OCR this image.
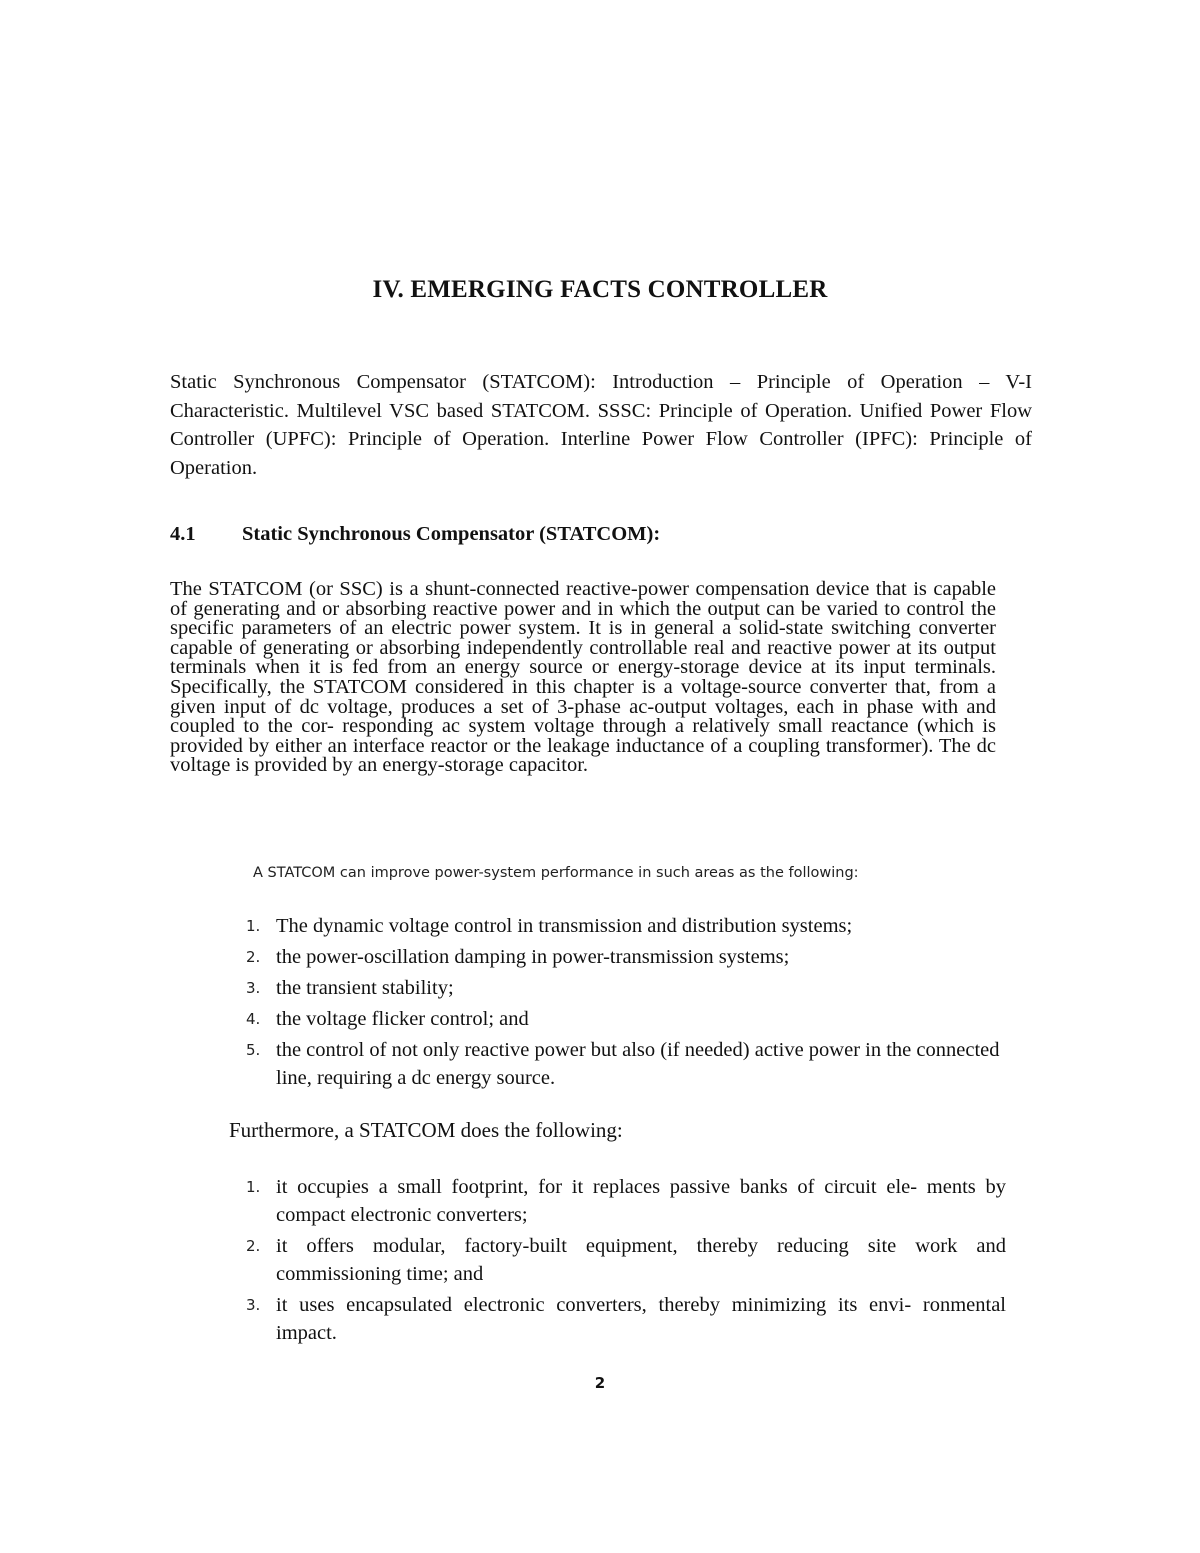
IV. EMERGING FACTS CONTROLLER
Static Synchronous Compensator (STATCOM): Introduction – Principle of Operation – V-I Characteristic. Multilevel VSC based STATCOM. SSSC: Principle of Operation. Unified Power Flow Controller (UPFC): Principle of Operation. Interline Power Flow Controller (IPFC): Principle of Operation.
4.1 Static Synchronous Compensator (STATCOM):
The STATCOM (or SSC) is a shunt-connected reactive-power compensation device that is capable of generating and or absorbing reactive power and in which the output can be varied to control the specific parameters of an electric power system. It is in general a solid-state switching converter capable of generating or absorbing independently controllable real and reactive power at its output terminals when it is fed from an energy source or energy-storage device at its input terminals. Specifically, the STATCOM considered in this chapter is a voltage-source converter that, from a given input of dc voltage, produces a set of 3-phase ac-output voltages, each in phase with and coupled to the cor- responding ac system voltage through a relatively small reactance (which is provided by either an interface reactor or the leakage inductance of a coupling transformer). The dc voltage is provided by an energy-storage capacitor.
A STATCOM can improve power-system performance in such areas as the following:
1. The dynamic voltage control in transmission and distribution systems;
2. the power-oscillation damping in power-transmission systems;
3. the transient stability;
4. the voltage flicker control; and
5. the control of not only reactive power but also (if needed) active power in the connected line, requiring a dc energy source.
Furthermore, a STATCOM does the following:
1. it occupies a small footprint, for it replaces passive banks of circuit ele- ments by compact electronic converters;
2. it offers modular, factory-built equipment, thereby reducing site work and commissioning time; and
3. it uses encapsulated electronic converters, thereby minimizing its envi- ronmental impact.
2
